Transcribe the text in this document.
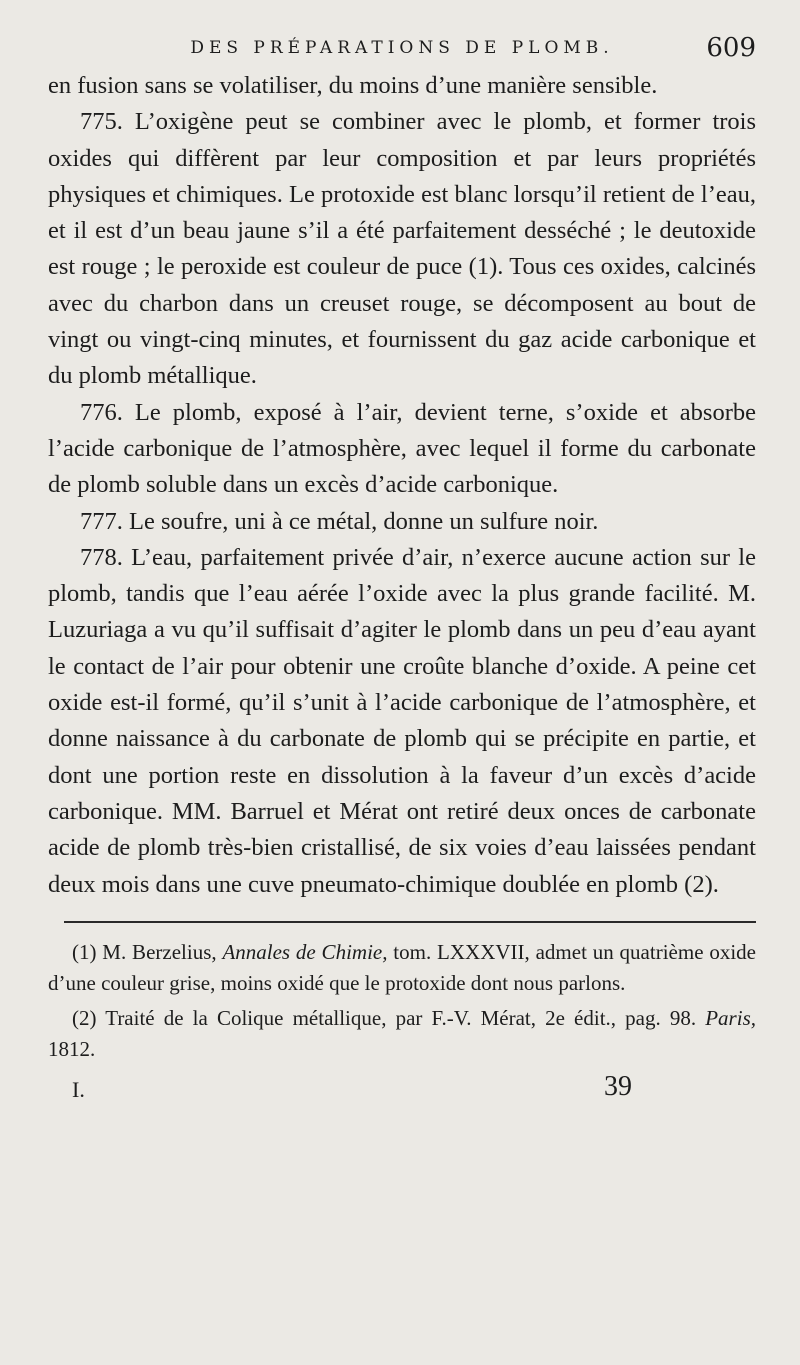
DES PRÉPARATIONS DE PLOMB.	609

en fusion sans se volatiliser, du moins d’une manière sensible.

775. L’oxigène peut se combiner avec le plomb, et former trois oxides qui diffèrent par leur composition et par leurs propriétés physiques et chimiques. Le protoxide est blanc lorsqu’il retient de l’eau, et il est d’un beau jaune s’il a été parfaitement desséché ; le deutoxide est rouge ; le peroxide est couleur de puce (1). Tous ces oxides, calcinés avec du charbon dans un creuset rouge, se décomposent au bout de vingt ou vingt-cinq minutes, et fournissent du gaz acide carbonique et du plomb métallique.

776. Le plomb, exposé à l’air, devient terne, s’oxide et absorbe l’acide carbonique de l’atmosphère, avec lequel il forme du carbonate de plomb soluble dans un excès d’acide carbonique.

777. Le soufre, uni à ce métal, donne un sulfure noir.

778. L’eau, parfaitement privée d’air, n’exerce aucune action sur le plomb, tandis que l’eau aérée l’oxide avec la plus grande facilité. M. Luzuriaga a vu qu’il suffisait d’agiter le plomb dans un peu d’eau ayant le contact de l’air pour obtenir une croûte blanche d’oxide. A peine cet oxide est-il formé, qu’il s’unit à l’acide carbonique de l’atmosphère, et donne naissance à du carbonate de plomb qui se précipite en partie, et dont une portion reste en dissolution à la faveur d’un excès d’acide carbonique. MM. Barruel et Mérat ont retiré deux onces de carbonate acide de plomb très-bien cristallisé, de six voies d’eau laissées pendant deux mois dans une cuve pneumato-chimique doublée en plomb (2).

(1) M. Berzelius, Annales de Chimie, tom. LXXXVII, admet un quatrième oxide d’une couleur grise, moins oxidé que le protoxide dont nous parlons.

(2) Traité de la Colique métallique, par F.-V. Mérat, 2e édit., pag. 98. Paris, 1812.

I.	39
